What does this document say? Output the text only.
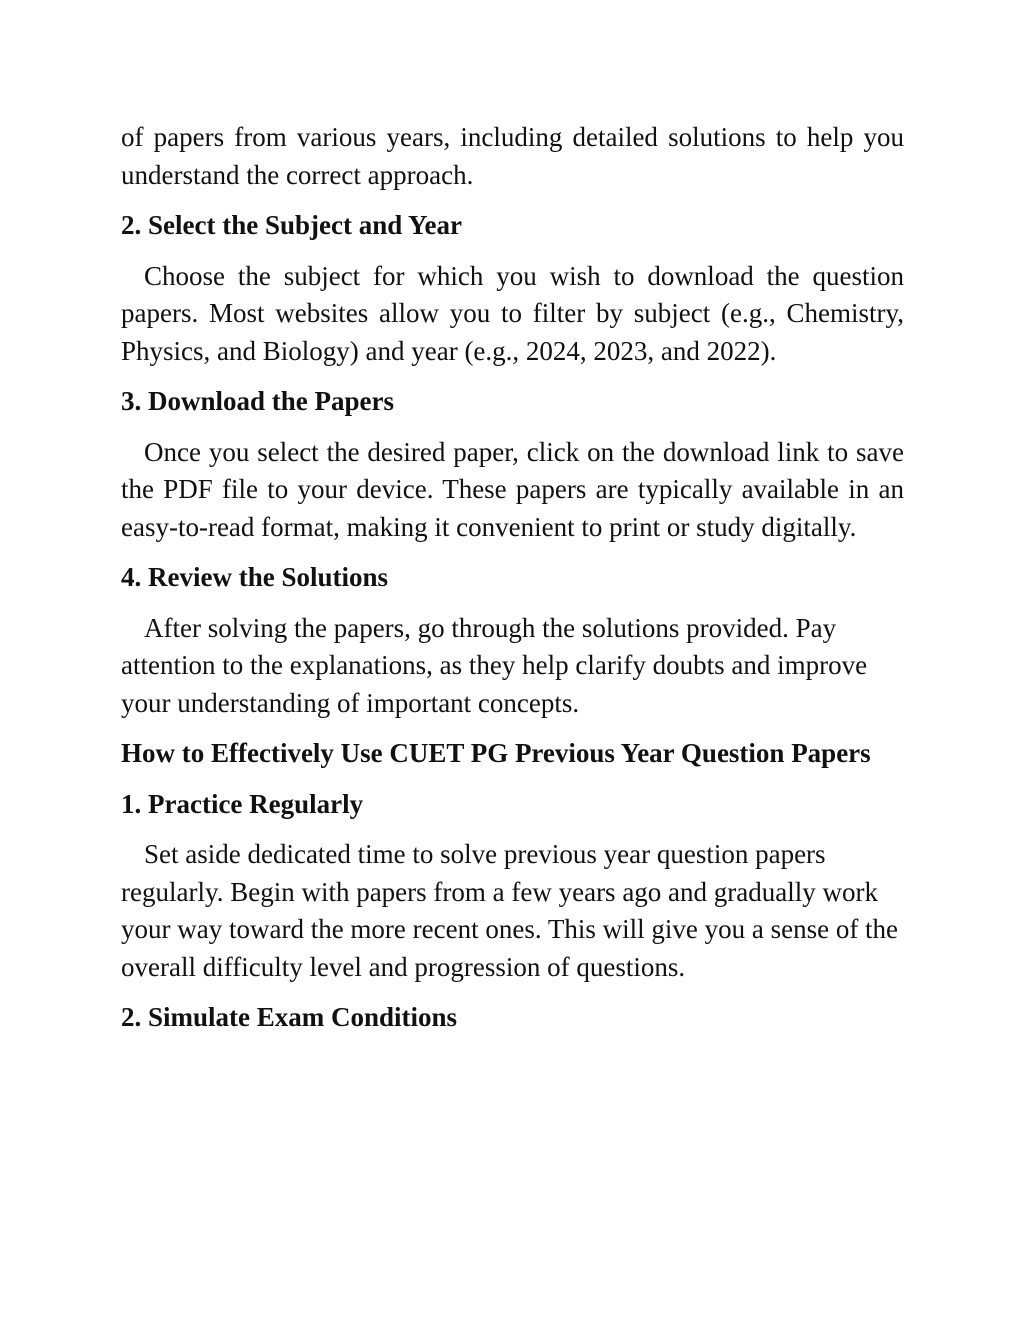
of papers from various years, including detailed solutions to help you understand the correct approach.

2. Select the Subject and Year

Choose the subject for which you wish to download the question papers. Most websites allow you to filter by subject (e.g., Chemistry, Physics, and Biology) and year (e.g., 2024, 2023, and 2022).

3. Download the Papers

Once you select the desired paper, click on the download link to save the PDF file to your device. These papers are typically available in an easy-to-read format, making it convenient to print or study digitally.

4. Review the Solutions

After solving the papers, go through the solutions provided. Pay attention to the explanations, as they help clarify doubts and improve your understanding of important concepts.

How to Effectively Use CUET PG Previous Year Question Papers
1. Practice Regularly

Set aside dedicated time to solve previous year question papers regularly. Begin with papers from a few years ago and gradually work your way toward the more recent ones. This will give you a sense of the overall difficulty level and progression of questions.

2. Simulate Exam Conditions
